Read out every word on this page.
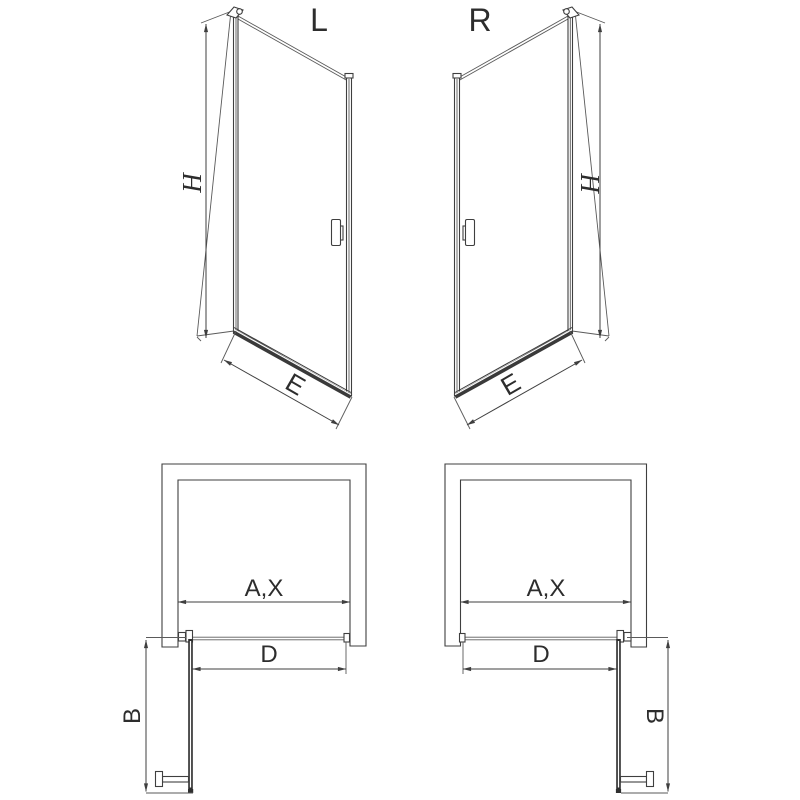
L
H
E
R
H
E
A,X
B
D
A,X
B
D
